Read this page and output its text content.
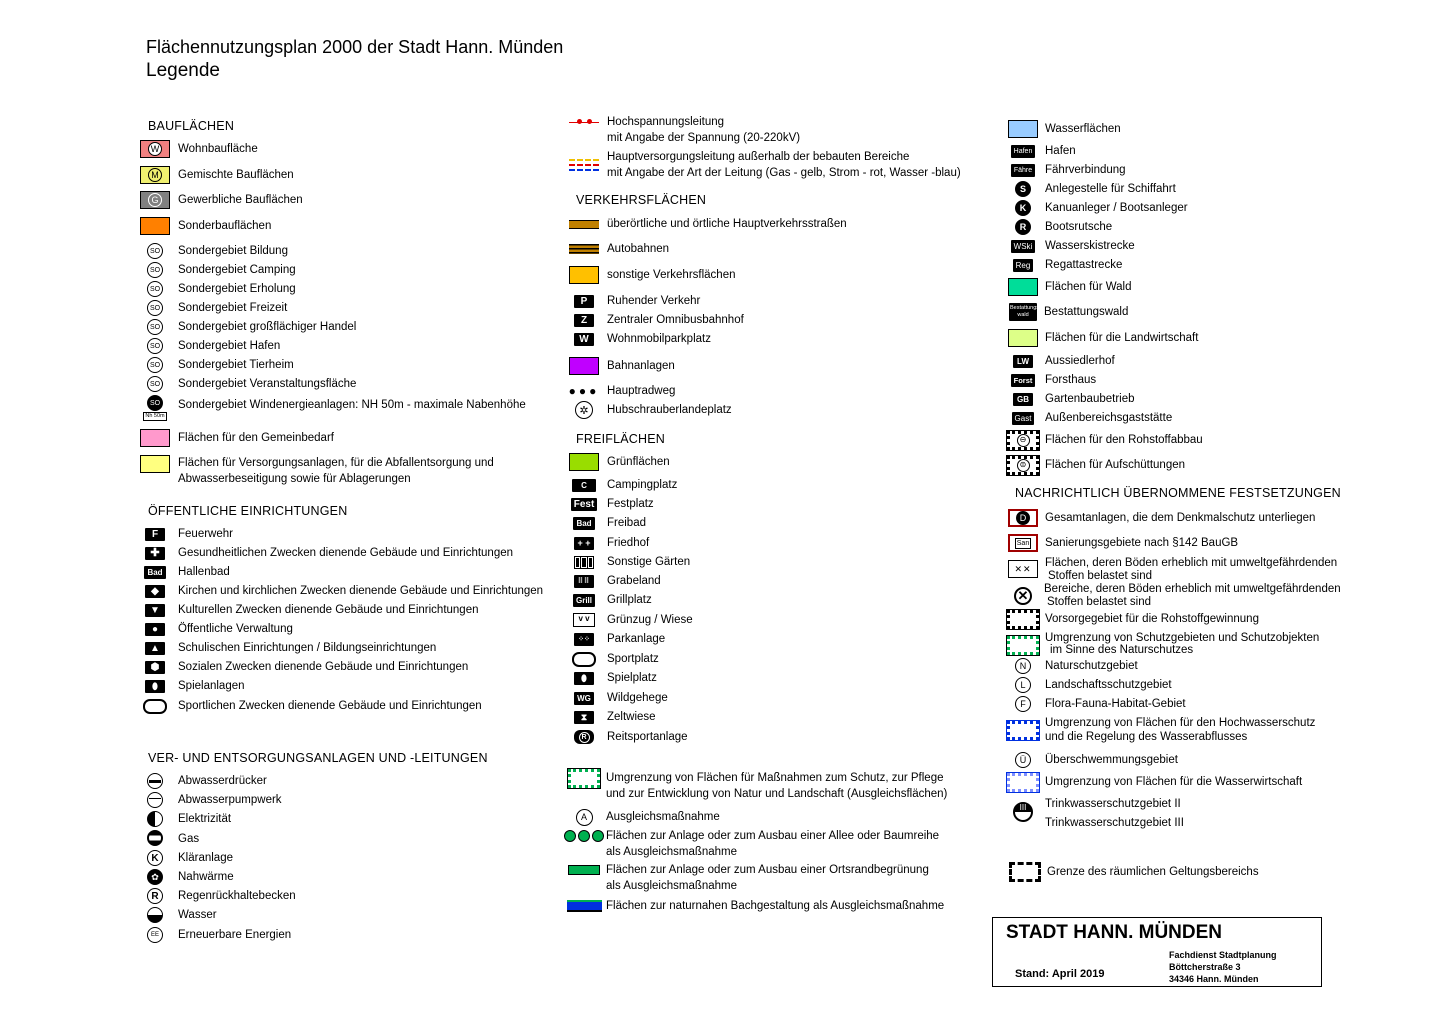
Flächennutzungsplan 2000 der Stadt Hann. Münden
Legende
BAUFLÄCHEN
W Wohnbaufläche
M Gemischte Bauflächen
G	Gewerbliche Bauflächen
Sonderbauflächen
SO Sondergebiet Bildung
SO Sondergebiet Camping
SO Sondergebiet Erholung
SO Sondergebiet Freizeit
SO Sondergebiet großflächiger Handel
SO Sondergebiet Hafen
SO Sondergebiet Tierheim
SO Sondergebiet Veranstaltungsfläche
SO
Nh 50m
Sondergebiet Windenergieanlagen: NH 50m - maximale Nabenhöhe
Flächen für den Gemeinbedarf
Flächen für Versorgungsanlagen, für die Abfallentsorgung und
Abwasserbeseitigung sowie für Ablagerungen
ÖFFENTLICHE EINRICHTUNGEN
F	Feuerwehr
✚	Gesundheitlichen Zwecken dienende Gebäude und Einrichtungen
Bad Hallenbad
◆	Kirchen und kirchlichen Zwecken dienende Gebäude und Einrichtungen
▼	Kulturellen Zwecken dienende Gebäude und Einrichtungen
●	Öffentliche Verwaltung
▲	Schulischen Einrichtungen / Bildungseinrichtungen
⬢	Sozialen Zwecken dienende Gebäude und Einrichtungen
⬮	Spielanlagen
Sportlichen Zwecken dienende Gebäude und Einrichtungen
VER- UND ENTSORGUNGSANLAGEN UND -LEITUNGEN
Abwasserdrücker
Abwasserpumpwerk
Elektrizität
Gas
K	Kläranlage
✿	Nahwärme
R	Regenrückhaltebecken
Wasser
EE	Erneuerbare Energien
Hochspannungsleitung
mit Angabe der Spannung (20-220kV)
Hauptversorgungsleitung außerhalb der bebauten Bereiche
mit Angabe der Art der Leitung (Gas - gelb, Strom - rot, Wasser -blau)
VERKEHRSFLÄCHEN
überörtliche und örtliche Hauptverkehrsstraßen
Autobahnen
sonstige Verkehrsflächen
P	Ruhender Verkehr
Z	Zentraler Omnibusbahnhof
W	Wohnmobilparkplatz
Bahnanlagen
●●● Hauptradweg
✲	Hubschrauberlandeplatz
FREIFLÄCHEN
Grünflächen
C	Campingplatz
Fest Festplatz
Bad Freibad
+ +	Friedhof
Sonstige Gärten
⠿⠿	Grabeland
Grill Grillplatz
v v	Grünzug / Wiese
⁘⁘	Parkanlage
Sportplatz
⬮	Spielplatz
WG Wildgehege
⧗	Zeltwiese
R	Reitsportanlage
Umgrenzung von Flächen für Maßnahmen zum Schutz, zur Pflege
und zur Entwicklung von Natur und Landschaft (Ausgleichsflächen)
A	Ausgleichsmaßnahme
Flächen zur Anlage oder zum Ausbau einer Allee oder Baumreihe
als Ausgleichsmaßnahme
Flächen zur Anlage oder zum Ausbau einer Ortsrandbegrünung
als Ausgleichsmaßnahme
Flächen zur naturnahen Bachgestaltung als Ausgleichsmaßnahme
Wasserflächen
Hafen Hafen
Fähre Fährverbindung
S	Anlegestelle für Schiffahrt
K	Kanuanleger / Bootsanleger
R	Bootsrutsche
WSki Wasserskistrecke
Reg Regattastrecke
Flächen für Wald
Bestattungs-wald	Bestattungswald
Flächen für die Landwirtschaft
LW	Aussiedlerhof
Forst Forsthaus
GB	Gartenbaubetrieb
Gast Außenbereichsgaststätte
⊖ Flächen für den Rohstoffabbau
⊜ Flächen für Aufschüttungen
NACHRICHTLICH ÜBERNOMMENE FESTSETZUNGEN
D	Gesamtanlagen, die dem Denkmalschutz unterliegen
San Sanierungsgebiete nach §142 BauGB
✕✕	Flächen, deren Böden erheblich mit umweltgefährdenden
Stoffen belastet sind
✕	Bereiche, deren Böden erheblich mit umweltgefährdenden
Stoffen belastet sind
Vorsorgegebiet für die Rohstoffgewinnung
Umgrenzung von Schutzgebieten und Schutzobjekten
im Sinne des Naturschutzes
N	Naturschutzgebiet
L	Landschaftsschutzgebiet
F	Flora-Fauna-Habitat-Gebiet
Umgrenzung von Flächen für den Hochwasserschutz
und die Regelung des Wasserabflusses
Ü	Überschwemmungsgebiet
Umgrenzung von Flächen für die Wasserwirtschaft
III	Trinkwasserschutzgebiet II
Trinkwasserschutzgebiet III
Grenze des räumlichen Geltungsbereichs
STADT HANN. MÜNDEN
Fachdienst Stadtplanung
Böttcherstraße 3
34346 Hann. Münden
Stand: April 2019
